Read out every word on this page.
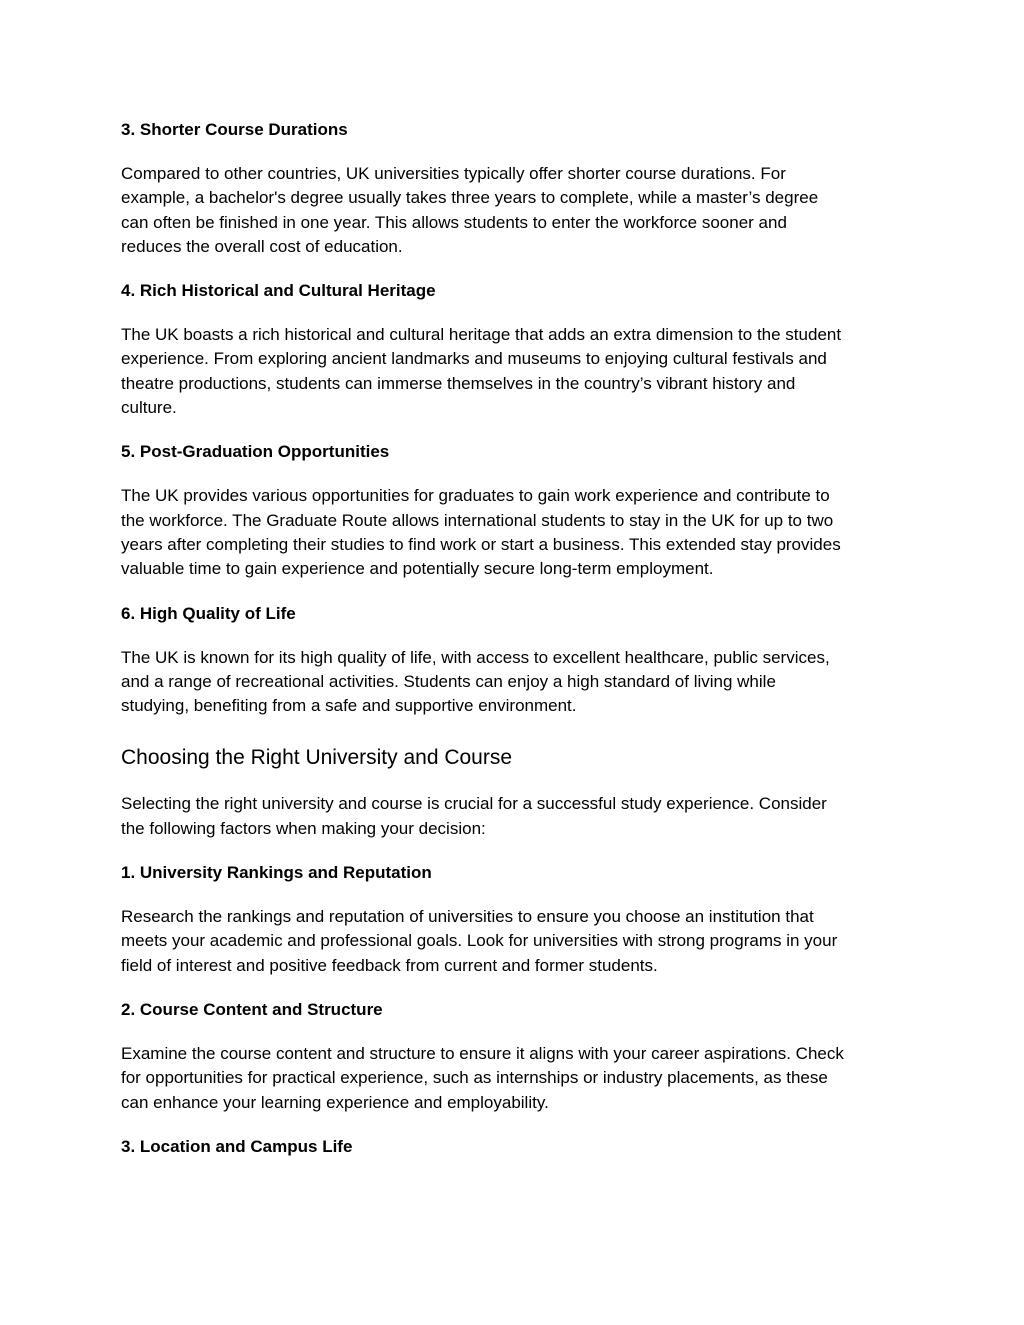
3. Shorter Course Durations
Compared to other countries, UK universities typically offer shorter course durations. For
example, a bachelor's degree usually takes three years to complete, while a master’s degree
can often be finished in one year. This allows students to enter the workforce sooner and
reduces the overall cost of education.
4. Rich Historical and Cultural Heritage
The UK boasts a rich historical and cultural heritage that adds an extra dimension to the student
experience. From exploring ancient landmarks and museums to enjoying cultural festivals and
theatre productions, students can immerse themselves in the country’s vibrant history and
culture.
5. Post-Graduation Opportunities
The UK provides various opportunities for graduates to gain work experience and contribute to
the workforce. The Graduate Route allows international students to stay in the UK for up to two
years after completing their studies to find work or start a business. This extended stay provides
valuable time to gain experience and potentially secure long-term employment.
6. High Quality of Life
The UK is known for its high quality of life, with access to excellent healthcare, public services,
and a range of recreational activities. Students can enjoy a high standard of living while
studying, benefiting from a safe and supportive environment.
Choosing the Right University and Course
Selecting the right university and course is crucial for a successful study experience. Consider
the following factors when making your decision:
1. University Rankings and Reputation
Research the rankings and reputation of universities to ensure you choose an institution that
meets your academic and professional goals. Look for universities with strong programs in your
field of interest and positive feedback from current and former students.
2. Course Content and Structure
Examine the course content and structure to ensure it aligns with your career aspirations. Check
for opportunities for practical experience, such as internships or industry placements, as these
can enhance your learning experience and employability.
3. Location and Campus Life
